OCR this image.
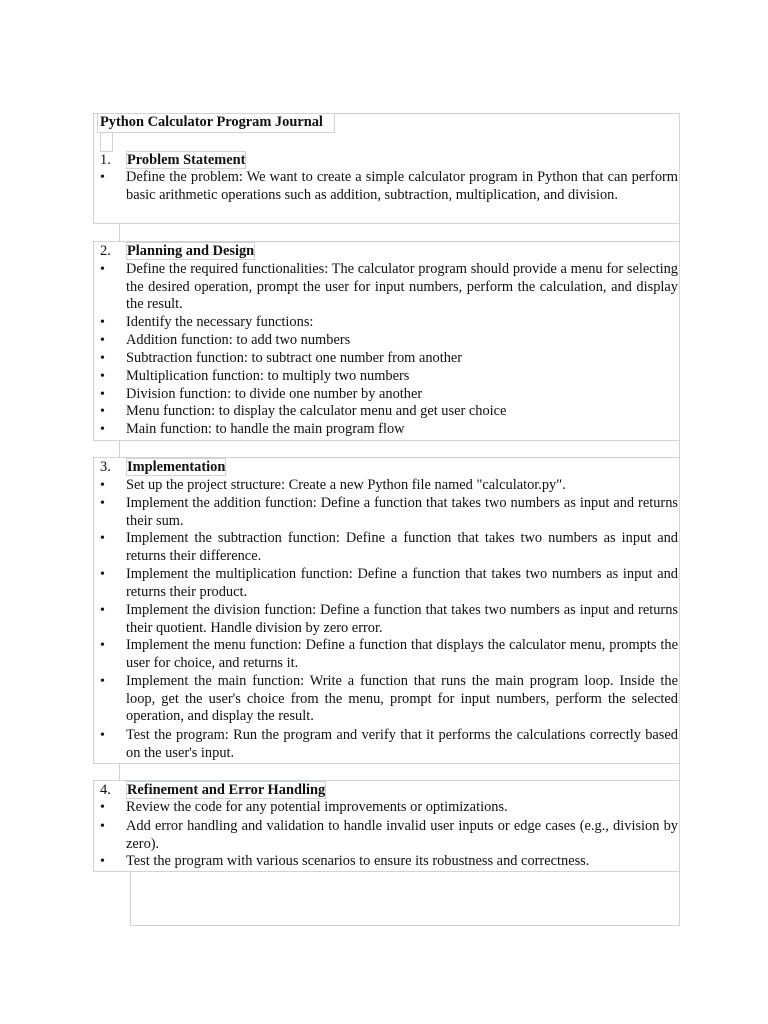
Python Calculator Program Journal
1.	Problem Statement
•	Define the problem: We want to create a simple calculator program in Python that can perform basic arithmetic operations such as addition, subtraction, multiplication, and division.
2.	Planning and Design
•	Define the required functionalities: The calculator program should provide a menu for selecting the desired operation, prompt the user for input numbers, perform the calculation, and display the result.
•	Identify the necessary functions:
•	Addition function: to add two numbers
•	Subtraction function: to subtract one number from another
•	Multiplication function: to multiply two numbers
•	Division function: to divide one number by another
•	Menu function: to display the calculator menu and get user choice
•	Main function: to handle the main program flow
3.	Implementation
•	Set up the project structure: Create a new Python file named "calculator.py".
•	Implement the addition function: Define a function that takes two numbers as input and returns their sum.
•	Implement the subtraction function: Define a function that takes two numbers as input and returns their difference.
•	Implement the multiplication function: Define a function that takes two numbers as input and returns their product.
•	Implement the division function: Define a function that takes two numbers as input and returns their quotient. Handle division by zero error.
•	Implement the menu function: Define a function that displays the calculator menu, prompts the user for choice, and returns it.
•	Implement the main function: Write a function that runs the main program loop. Inside the loop, get the user's choice from the menu, prompt for input numbers, perform the selected operation, and display the result.
•	Test the program: Run the program and verify that it performs the calculations correctly based on the user's input.
4.	Refinement and Error Handling
•	Review the code for any potential improvements or optimizations.
•	Add error handling and validation to handle invalid user inputs or edge cases (e.g., division by zero).
•	Test the program with various scenarios to ensure its robustness and correctness.
